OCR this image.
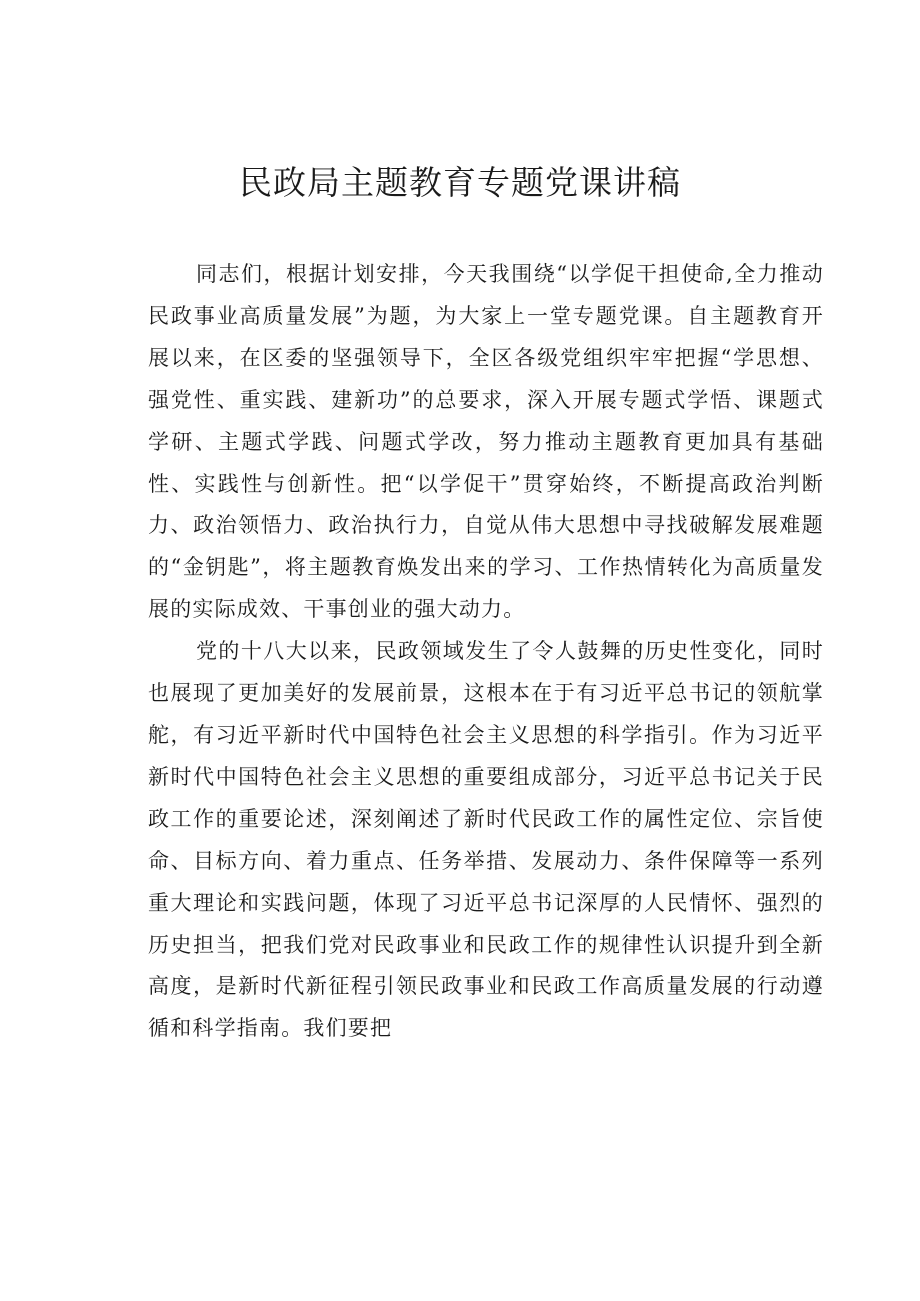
民政局主题教育专题党课讲稿

同志们，根据计划安排，今天我围绕“以学促干担使命,全力推动民政事业高质量发展”为题，为大家上一堂专题党课。自主题教育开展以来，在区委的坚强领导下，全区各级党组织牢牢把握“学思想、强党性、重实践、建新功”的总要求，深入开展专题式学悟、课题式学研、主题式学践、问题式学改，努力推动主题教育更加具有基础性、实践性与创新性。把“以学促干”贯穿始终，不断提高政治判断力、政治领悟力、政治执行力，自觉从伟大思想中寻找破解发展难题的“金钥匙”，将主题教育焕发出来的学习、工作热情转化为高质量发展的实际成效、干事创业的强大动力。

党的十八大以来，民政领域发生了令人鼓舞的历史性变化，同时也展现了更加美好的发展前景，这根本在于有习近平总书记的领航掌舵，有习近平新时代中国特色社会主义思想的科学指引。作为习近平新时代中国特色社会主义思想的重要组成部分，习近平总书记关于民政工作的重要论述，深刻阐述了新时代民政工作的属性定位、宗旨使命、目标方向、着力重点、任务举措、发展动力、条件保障等一系列重大理论和实践问题，体现了习近平总书记深厚的人民情怀、强烈的历史担当，把我们党对民政事业和民政工作的规律性认识提升到全新高度，是新时代新征程引领民政事业和民政工作高质量发展的行动遵循和科学指南。我们要把
